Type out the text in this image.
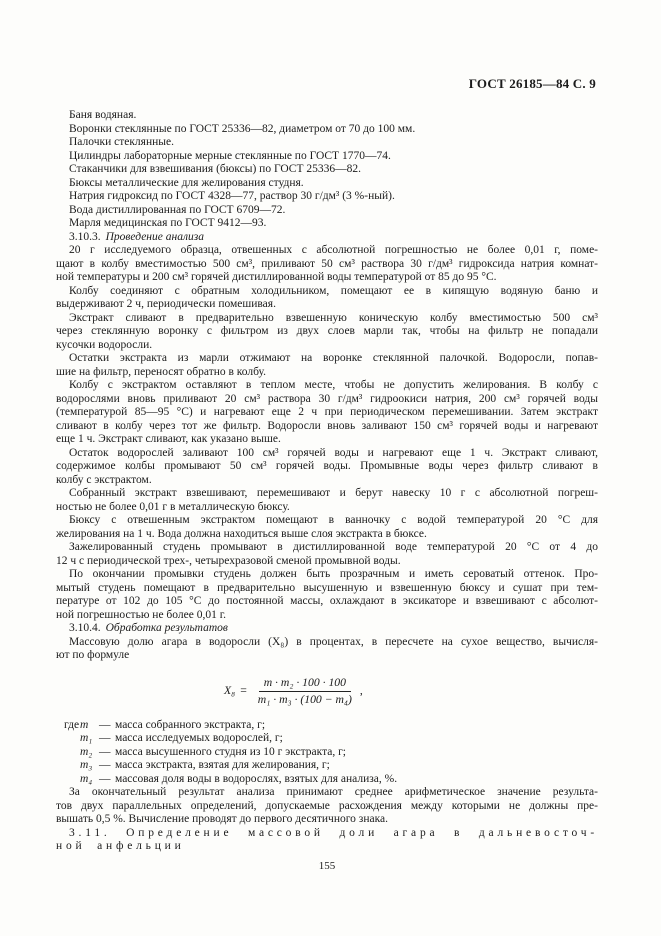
ГОСТ 26185—84 С. 9
Баня водяная.
Воронки стеклянные по ГОСТ 25336—82, диаметром от 70 до 100 мм.
Палочки стеклянные.
Цилиндры лабораторные мерные стеклянные по ГОСТ 1770—74.
Стаканчики для взвешивания (бюксы) по ГОСТ 25336—82.
Бюксы металлические для желирования студня.
Натрия гидроксид по ГОСТ 4328—77, раствор 30 г/дм³ (3 %-ный).
Вода дистиллированная по ГОСТ 6709—72.
Марля медицинская по ГОСТ 9412—93.
3.10.3. Проведение анализа
20 г исследуемого образца, отвешенных с абсолютной погрешностью не более 0,01 г, поме-
щают в колбу вместимостью 500 см³, приливают 50 см³ раствора 30 г/дм³ гидроксида натрия комнат-
ной температуры и 200 см³ горячей дистиллированной воды температурой от 85 до 95 °С.
Колбу соединяют с обратным холодильником, помещают ее в кипящую водяную баню и
выдерживают 2 ч, периодически помешивая.
Экстракт сливают в предварительно взвешенную коническую колбу вместимостью 500 см³
через стеклянную воронку с фильтром из двух слоев марли так, чтобы на фильтр не попадали
кусочки водоросли.
Остатки экстракта из марли отжимают на воронке стеклянной палочкой. Водоросли, попав-
шие на фильтр, переносят обратно в колбу.
Колбу с экстрактом оставляют в теплом месте, чтобы не допустить желирования. В колбу с
водорослями вновь приливают 20 см³ раствора 30 г/дм³ гидроокиси натрия, 200 см³ горячей воды
(температурой 85—95 °С) и нагревают еще 2 ч при периодическом перемешивании. Затем экстракт
сливают в колбу через тот же фильтр. Водоросли вновь заливают 150 см³ горячей воды и нагревают
еще 1 ч. Экстракт сливают, как указано выше.
Остаток водорослей заливают 100 см³ горячей воды и нагревают еще 1 ч. Экстракт сливают,
содержимое колбы промывают 50 см³ горячей воды. Промывные воды через фильтр сливают в
колбу с экстрактом.
Собранный экстракт взвешивают, перемешивают и берут навеску 10 г с абсолютной погреш-
ностью не более 0,01 г в металлическую бюксу.
Бюксу с отвешенным экстрактом помещают в ванночку с водой температурой 20 °С для
желирования на 1 ч. Вода должна находиться выше слоя экстракта в бюксе.
Зажелированный студень промывают в дистиллированной воде температурой 20 °С от 4 до
12 ч с периодической трех-, четырехразовой сменой промывной воды.
По окончании промывки студень должен быть прозрачным и иметь сероватый оттенок. Про-
мытый студень помещают в предварительно высушенную и взвешенную бюксу и сушат при тем-
пературе от 102 до 105 °С до постоянной массы, охлаждают в эксикаторе и взвешивают с абсолют-
ной погрешностью не более 0,01 г.
3.10.4. Обработка результатов
Массовую долю агара в водоросли (X₈) в процентах, в пересчете на сухое вещество, вычисля-
ют по формуле
$X_8 = \frac{\text{m · m₂ · 100 · 100}}{\text{m₁ · m₃ · (100 − m₄)}}$ ,
где m — масса собранного экстракта, г;
m₁ — масса исследуемых водорослей, г;
m₂ — масса высушенного студня из 10 г экстракта, г;
m₃ — масса экстракта, взятая для желирования, г;
m₄ — массовая доля воды в водорослях, взятых для анализа, %.
За окончательный результат анализа принимают среднее арифметическое значение результа-
тов двух параллельных определений, допускаемые расхождения между которыми не должны пре-
вышать 0,5 %. Вычисление проводят до первого десятичного знака.
3.11. Определение массовой доли агара в дальневосточ-
ной анфельции
155
